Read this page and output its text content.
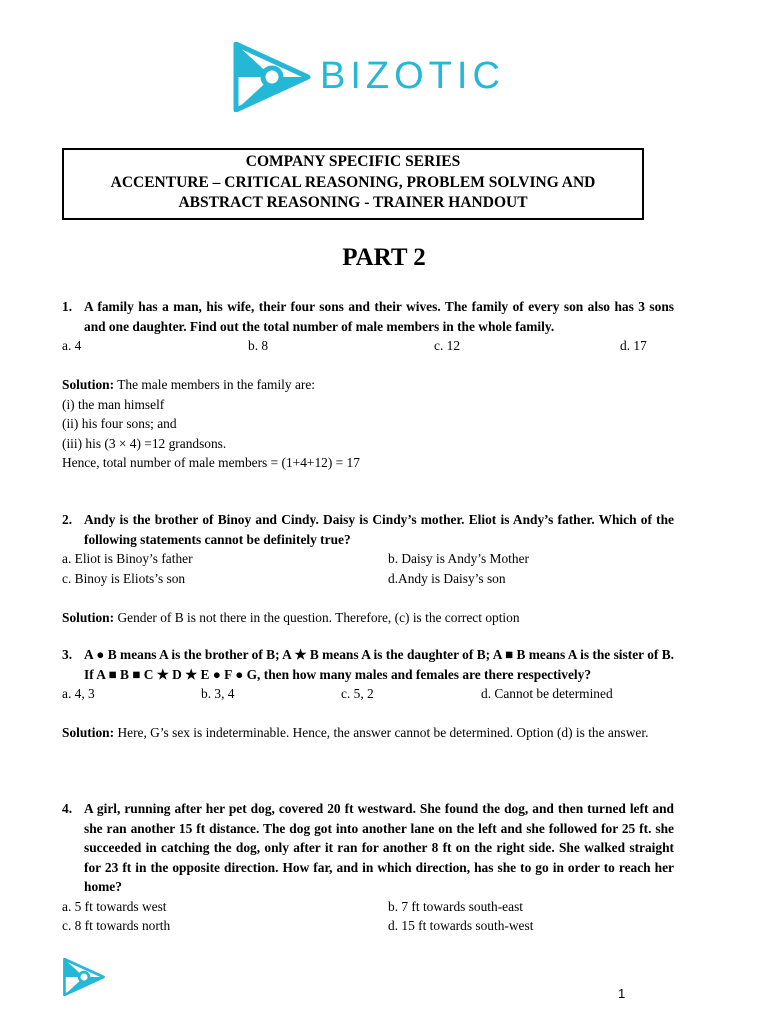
BIZOTIC
COMPANY SPECIFIC SERIES
ACCENTURE – CRITICAL REASONING, PROBLEM SOLVING AND
ABSTRACT REASONING - TRAINER HANDOUT
PART 2
1. A family has a man, his wife, their four sons and their wives. The family of every son also has 3 sons and one daughter. Find out the total number of male members in the whole family.
a. 4	b. 8	c. 12	d. 17
Solution: The male members in the family are:
(i) the man himself
(ii) his four sons; and
(iii) his (3 × 4) =12 grandsons.
Hence, total number of male members = (1+4+12) = 17
2. Andy is the brother of Binoy and Cindy. Daisy is Cindy’s mother. Eliot is Andy’s father. Which of the following statements cannot be definitely true?
a. Eliot is Binoy’s father	b. Daisy is Andy’s Mother
c. Binoy is Eliots’s son	d.Andy is Daisy’s son
Solution: Gender of B is not there in the question. Therefore, (c) is the correct option
3. A ● B means A is the brother of B; A ★ B means A is the daughter of B; A ■ B means A is the sister of B. If A ■ B ■ C ★ D ★ E ● F ● G, then how many males and females are there respectively?
a. 4, 3	b. 3, 4	c. 5, 2	d. Cannot be determined
Solution: Here, G’s sex is indeterminable. Hence, the answer cannot be determined. Option (d) is the answer.
4. A girl, running after her pet dog, covered 20 ft westward. She found the dog, and then turned left and she ran another 15 ft distance. The dog got into another lane on the left and she followed for 25 ft. she succeeded in catching the dog, only after it ran for another 8 ft on the right side. She walked straight for 23 ft in the opposite direction. How far, and in which direction, has she to go in order to reach her home?
a. 5 ft towards west	b. 7 ft towards south-east
c. 8 ft towards north	d. 15 ft towards south-west
1
